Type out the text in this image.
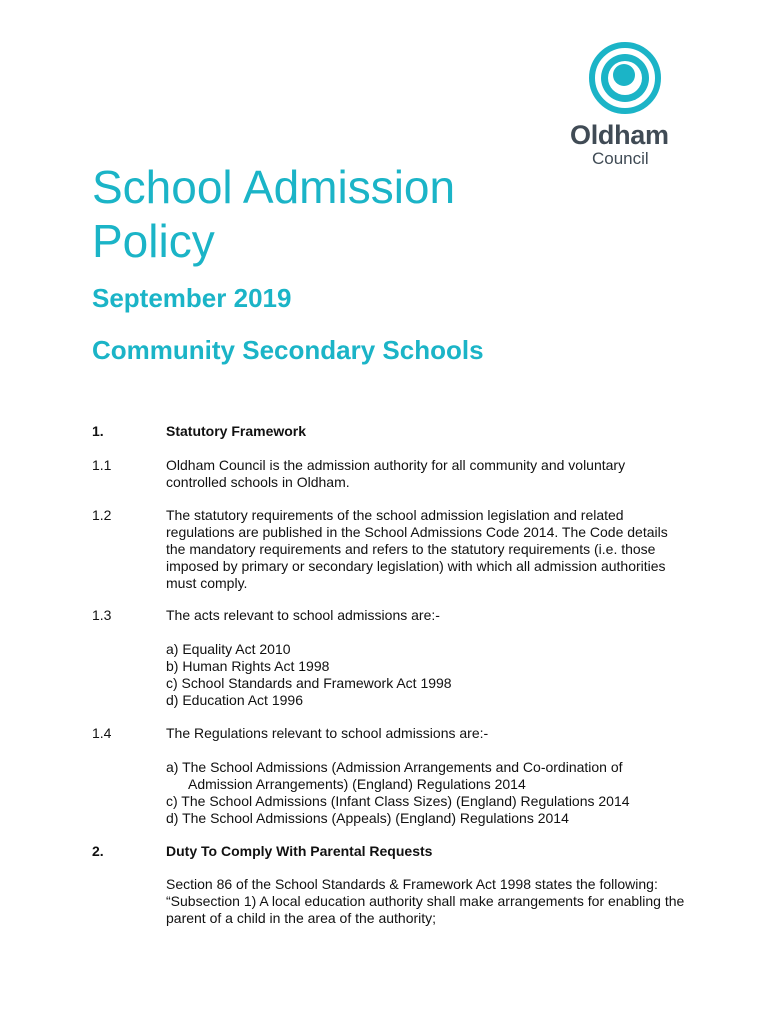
Oldham
Council
School Admission
Policy
September 2019
Community Secondary Schools
1.	Statutory Framework
1.1	Oldham Council is the admission authority for all community and voluntary controlled schools in Oldham.
1.2	The statutory requirements of the school admission legislation and related regulations are published in the School Admissions Code 2014. The Code details the mandatory requirements and refers to the statutory requirements (i.e. those imposed by primary or secondary legislation) with which all admission authorities must comply.
1.3	The acts relevant to school admissions are:-
a) Equality Act 2010
b) Human Rights Act 1998
c) School Standards and Framework Act 1998
d) Education Act 1996
1.4	The Regulations relevant to school admissions are:-
a) The School Admissions (Admission Arrangements and Co-ordination of Admission Arrangements) (England) Regulations 2014
c) The School Admissions (Infant Class Sizes) (England) Regulations 2014
d) The School Admissions (Appeals) (England) Regulations 2014
2.	Duty To Comply With Parental Requests
Section 86 of the School Standards & Framework Act 1998 states the following:
“Subsection 1) A local education authority shall make arrangements for enabling the parent of a child in the area of the authority;
